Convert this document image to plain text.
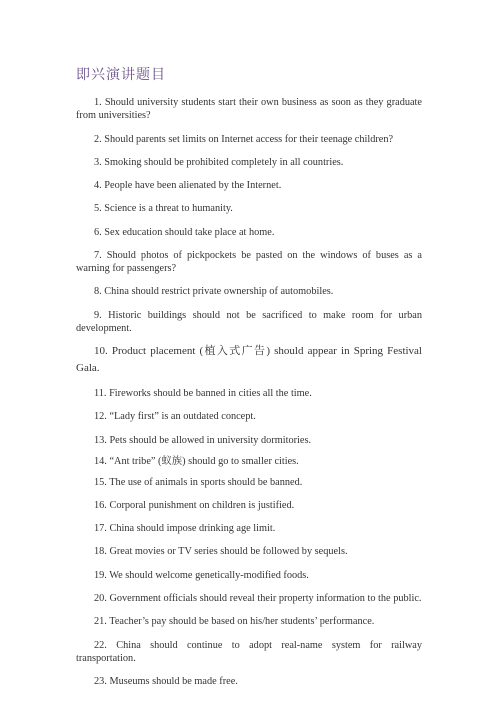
即兴演讲题目

1. Should university students start their own business as soon as they graduate from universities?

2. Should parents set limits on Internet access for their teenage children?

3. Smoking should be prohibited completely in all countries.

4. People have been alienated by the Internet.

5. Science is a threat to humanity.

6. Sex education should take place at home.

7. Should photos of pickpockets be pasted on the windows of buses as a warning for passengers?

8. China should restrict private ownership of automobiles.

9. Historic buildings should not be sacrificed to make room for urban development.

10. Product placement (植入式广告) should appear in Spring Festival Gala.

11. Fireworks should be banned in cities all the time.

12. “Lady first” is an outdated concept.

13. Pets should be allowed in university dormitories.

14. “Ant tribe” (蚁族) should go to smaller cities.

15. The use of animals in sports should be banned.

16. Corporal punishment on children is justified.

17. China should impose drinking age limit.

18. Great movies or TV series should be followed by sequels.

19. We should welcome genetically-modified foods.

20. Government officials should reveal their property information to the public.

21. Teacher’s pay should be based on his/her students’ performance.

22. China should continue to adopt real-name system for railway transportation.

23. Museums should be made free.
